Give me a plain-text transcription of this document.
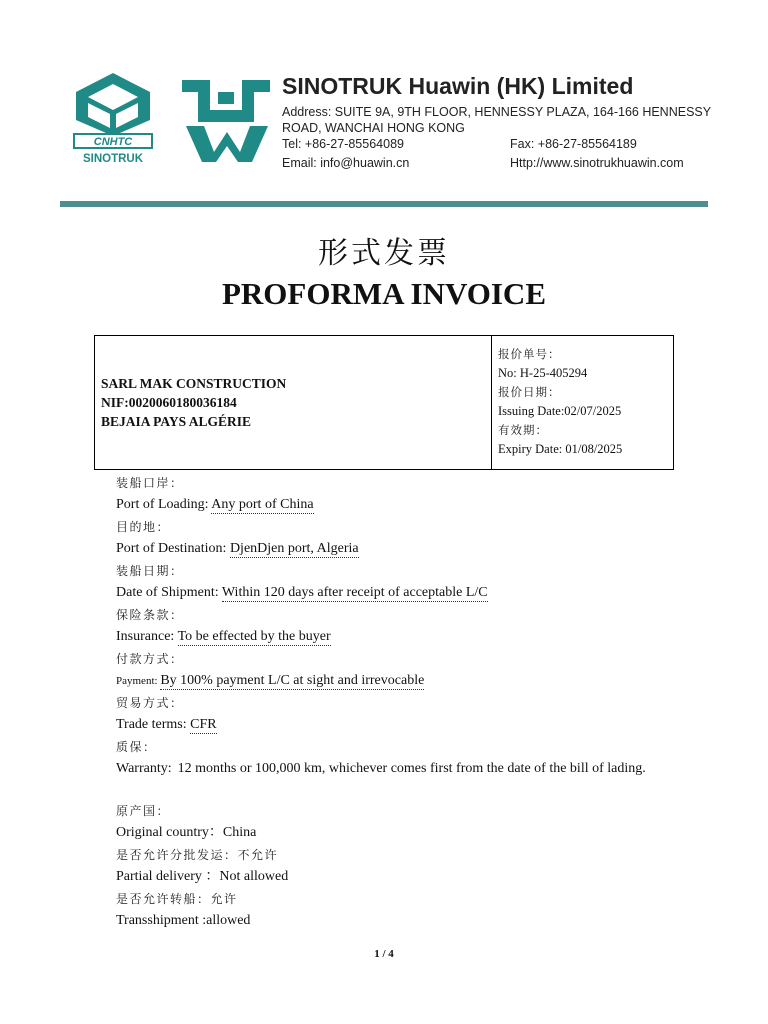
CNHTC
SINOTRUK
SINOTRUK Huawin (HK) Limited
Address: SUITE 9A, 9TH FLOOR, HENNESSY PLAZA, 164-166 HENNESSY ROAD, WANCHAI HONG KONG
Tel: +86-27-85564089	Fax: +86-27-85564189
Email: info@huawin.cn	Http://www.sinotrukhuawin.com
形式发票
PROFORMA INVOICE
SARL MAK CONSTRUCTION
NIF:0020060180036184
BEJAIA PAYS ALGÉRIE
报价单号：
No: H-25-405294
报价日期：
Issuing Date:02/07/2025
有效期：
Expiry Date: 01/08/2025
装船口岸：
Port of Loading: Any port of China
目的地：
Port of Destination: DjenDjen port, Algeria
装船日期：
Date of Shipment: Within 120 days after receipt of acceptable L/C
保险条款：
Insurance: To be effected by the buyer
付款方式：
Payment: By 100% payment L/C at sight and irrevocable
贸易方式：
Trade terms: CFR
质保：
Warranty: 12 months or 100,000 km, whichever comes first from the date of the bill of lading.
原产国：
Original country：China
是否允许分批发运：不允许
Partial delivery ：Not allowed
是否允许转船：允许
Transshipment :allowed
1 / 4
